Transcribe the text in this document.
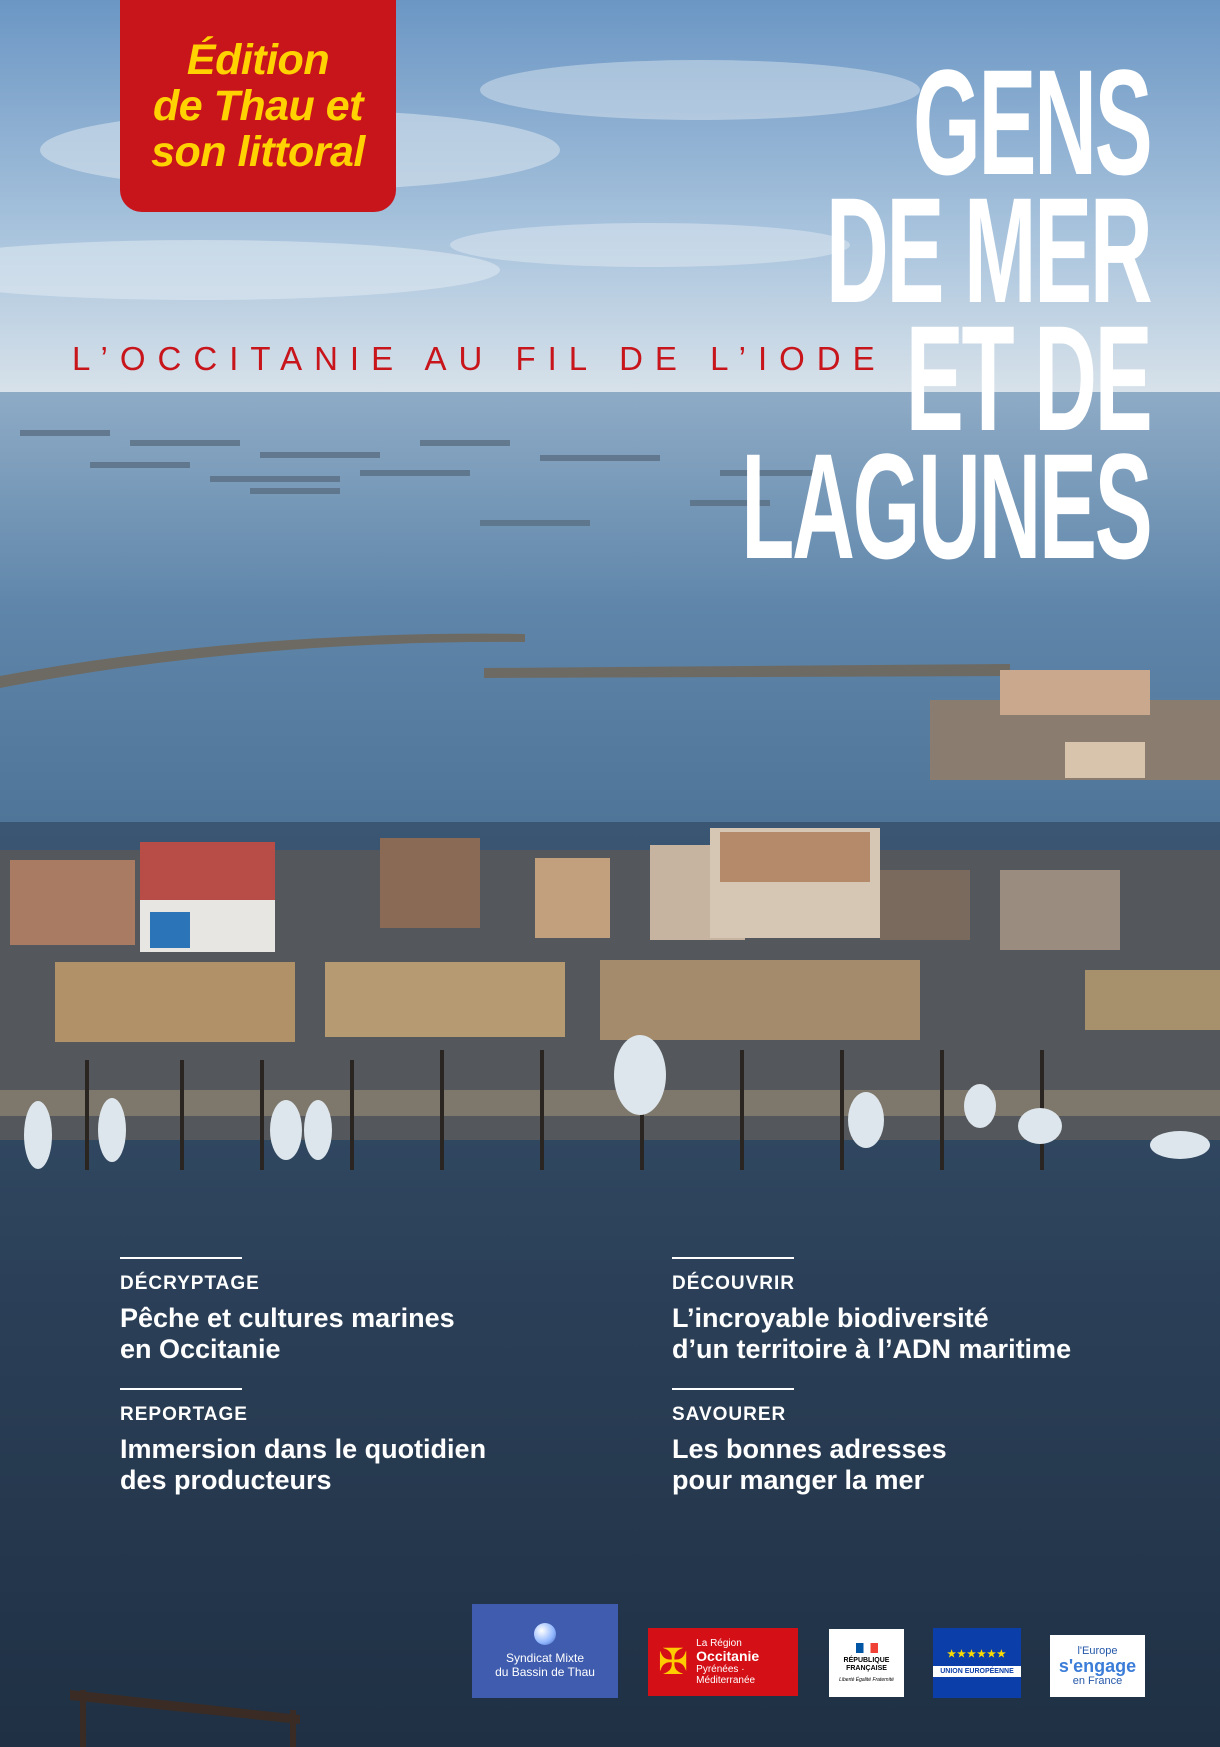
Édition
de Thau et
son littoral	GENS
DE MER
ET DE
LAGUNES
L’OCCITANIE AU FIL DE L’IODE
DÉCRYPTAGE
Pêche et cultures marines
en Occitanie
DÉCOUVRIR
L’incroyable biodiversité
d’un territoire à l’ADN maritime
REPORTAGE
Immersion dans le quotidien
des producteurs
SAVOURER
Les bonnes adresses
pour manger la mer
Syndicat Mixte
du Bassin de Thau ✠ La Région
Occitanie
Pyrénées · Méditerranée
RÉPUBLIQUE
FRANÇAISE
Liberté Égalité Fraternité
★★★★★★
UNION EUROPÉENNE
l'Europe
s'engage
en France
